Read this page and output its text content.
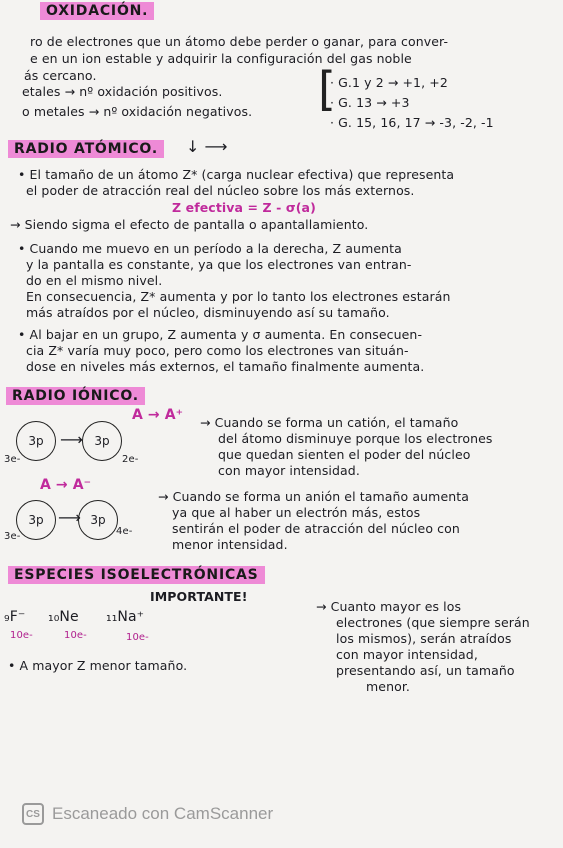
OXIDACIÓN.
ro de electrones que un átomo debe perder o ganar, para conver-
e en un ion estable y adquirir la configuración del gas noble
ás cercano.
etales → nº oxidación positivos.
o metales → nº oxidación negativos. [
· G.1 y 2 → +1, +2
· G. 13 → +3
· G. 15, 16, 17 → -3, -2, -1
RADIO ATÓMICO.	↓ ⟶
• El tamaño de un átomo Z* (carga nuclear efectiva) que representa
el poder de atracción real del núcleo sobre los más externos.
Z efectiva = Z - σ(a)
→ Siendo sigma el efecto de pantalla o apantallamiento.
• Cuando me muevo en un período a la derecha, Z aumenta
y la pantalla es constante, ya que los electrones van entran-
do en el mismo nivel.
En consecuencia, Z* aumenta y por lo tanto los electrones estarán
más atraídos por el núcleo, disminuyendo así su tamaño.
• Al bajar en un grupo, Z aumenta y σ aumenta. En consecuen-
cia Z* varía muy poco, pero como los electrones van situán-
dose en niveles más externos, el tamaño finalmente aumenta.
RADIO IÓNICO.
A → A⁺
3p ⟶ 3p
3e-	2e-
→ Cuando se forma un catión, el tamaño
del átomo disminuye porque los electrones
que quedan sienten el poder del núcleo
con mayor intensidad.
A → A⁻
3p ⟶ 3p
3e-	4e-
→ Cuando se forma un anión el tamaño aumenta
ya que al haber un electrón más, estos
sentirán el poder de atracción del núcleo con
menor intensidad.
ESPECIES ISOELECTRÓNICAS
IMPORTANTE!
₉F⁻ ₁₀Ne ₁₁Na⁺
10e-	10e-	10e-
• A mayor Z menor tamaño.
→ Cuanto mayor es los
electrones (que siempre serán
los mismos), serán atraídos
con mayor intensidad,
presentando así, un tamaño
menor.
CS Escaneado con CamScanner
